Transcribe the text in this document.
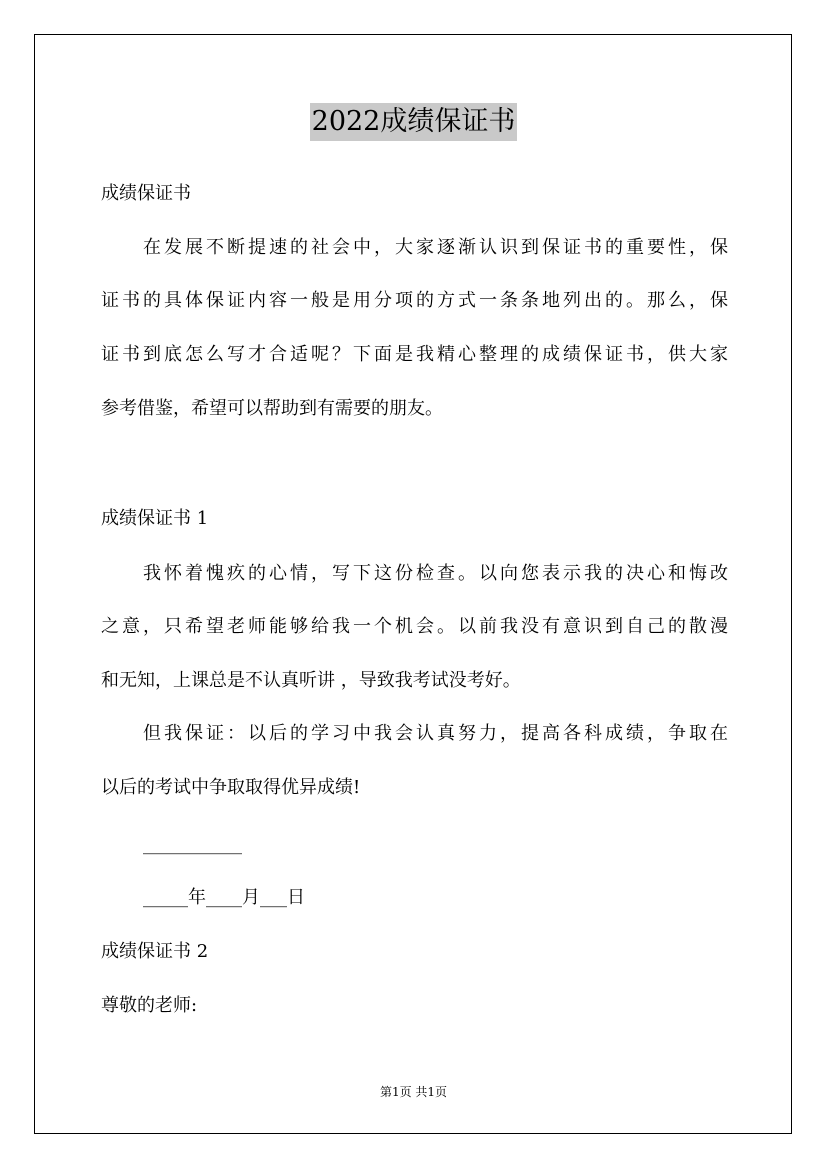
2022成绩保证书
成绩保证书
在发展不断提速的社会中，大家逐渐认识到保证书的重要性，保
证书的具体保证内容一般是用分项的方式一条条地列出的。那么，保
证书到底怎么写才合适呢？下面是我精心整理的成绩保证书，供大家
参考借鉴，希望可以帮助到有需要的朋友。
成绩保证书 1
我怀着愧疚的心情，写下这份检查。以向您表示我的决心和悔改
之意，只希望老师能够给我一个机会。以前我没有意识到自己的散漫
和无知，上课总是不认真听讲 ，导致我考试没考好。
但我保证：以后的学习中我会认真努力，提高各科成绩，争取在
以后的考试中争取取得优异成绩!
___________
_____年____月___日
成绩保证书 2
尊敬的老师:
第1页 共1页
